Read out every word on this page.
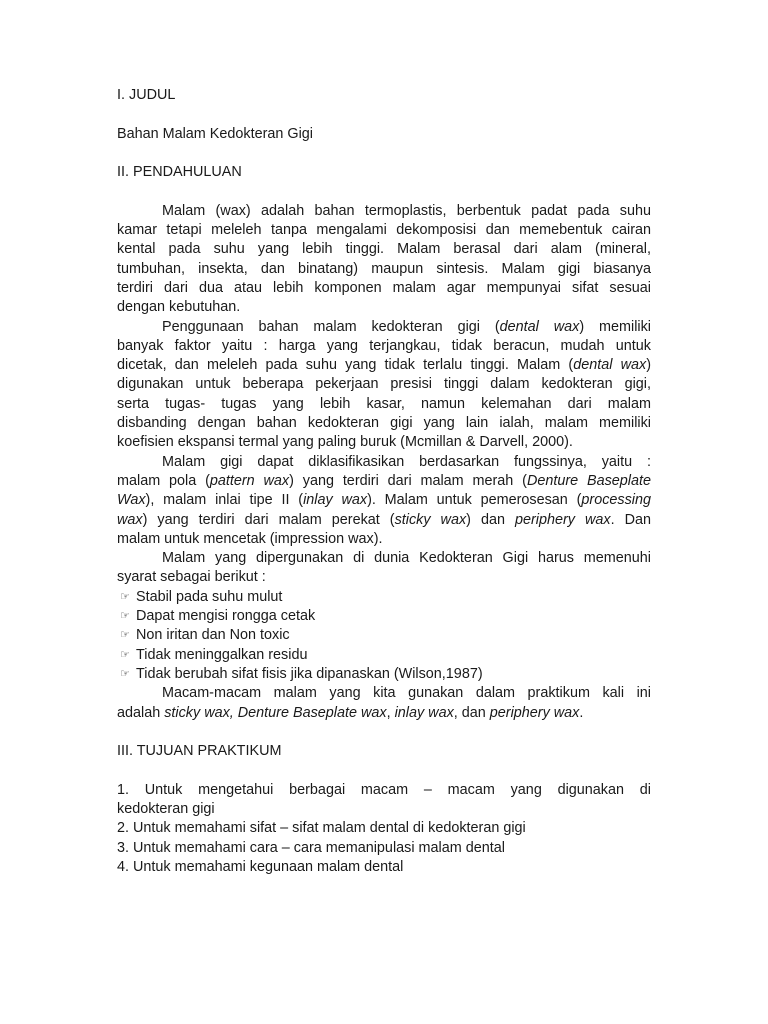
I. JUDUL
Bahan Malam Kedokteran Gigi
II. PENDAHULUAN
Malam (wax) adalah bahan termoplastis, berbentuk padat pada suhu
kamar tetapi meleleh tanpa mengalami dekomposisi dan memebentuk cairan
kental pada suhu yang lebih tinggi. Malam berasal dari alam (mineral,
tumbuhan, insekta, dan binatang) maupun sintesis. Malam gigi biasanya
terdiri dari dua atau lebih komponen malam agar mempunyai sifat sesuai
dengan kebutuhan.
Penggunaan bahan malam kedokteran gigi (dental wax) memiliki
banyak faktor yaitu : harga yang terjangkau, tidak beracun, mudah untuk
dicetak, dan meleleh pada suhu yang tidak terlalu tinggi. Malam (dental wax)
digunakan untuk beberapa pekerjaan presisi tinggi dalam kedokteran gigi,
serta tugas- tugas yang lebih kasar, namun kelemahan dari malam
disbanding dengan bahan kedokteran gigi yang lain ialah, malam memiliki
koefisien ekspansi termal yang paling buruk (Mcmillan & Darvell, 2000).
Malam gigi dapat diklasifikasikan berdasarkan fungssinya, yaitu :
malam pola (pattern wax) yang terdiri dari malam merah (Denture Baseplate
Wax), malam inlai tipe II (inlay wax). Malam untuk pemerosesan (processing
wax) yang terdiri dari malam perekat (sticky wax) dan periphery wax. Dan
malam untuk mencetak (impression wax).
Malam yang dipergunakan di dunia Kedokteran Gigi harus memenuhi
syarat sebagai berikut :
☞ Stabil pada suhu mulut
☞ Dapat mengisi rongga cetak
☞ Non iritan dan Non toxic
☞ Tidak meninggalkan residu
☞ Tidak berubah sifat fisis jika dipanaskan (Wilson,1987)
Macam-macam malam yang kita gunakan dalam praktikum kali ini
adalah sticky wax, Denture Baseplate wax, inlay wax, dan periphery wax.
III. TUJUAN PRAKTIKUM
1. Untuk mengetahui berbagai macam – macam yang digunakan di
kedokteran gigi
2. Untuk memahami sifat – sifat malam dental di kedokteran gigi
3. Untuk memahami cara – cara memanipulasi malam dental
4. Untuk memahami kegunaan malam dental
